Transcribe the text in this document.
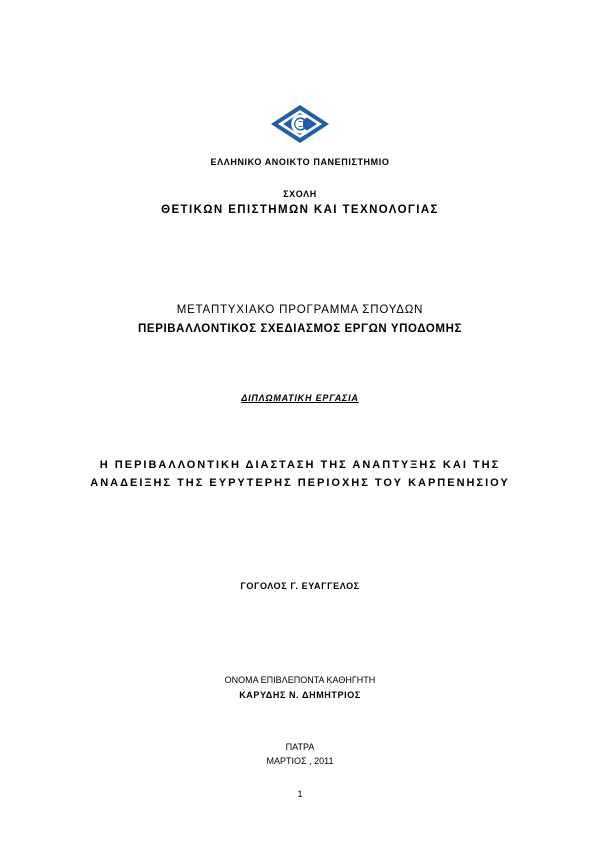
ΕΛΛΗΝΙΚΟ ΑΝΟΙΚΤΟ ΠΑΝΕΠΙΣΤΗΜΙΟ
ΣΧΟΛΗ
ΘΕΤΙΚΩΝ ΕΠΙΣΤΗΜΩΝ ΚΑΙ ΤΕΧΝΟΛΟΓΙΑΣ
ΜΕΤΑΠΤΥΧΙΑΚΟ ΠΡΟΓΡΑΜΜΑ ΣΠΟΥΔΩΝ
ΠΕΡΙΒΑΛΛΟΝΤΙΚΟΣ ΣΧΕΔΙΑΣΜΟΣ ΕΡΓΩΝ ΥΠΟΔΟΜΗΣ
ΔΙΠΛΩΜΑΤΙΚΗ ΕΡΓΑΣΙΑ
Η ΠΕΡΙΒΑΛΛΟΝΤΙΚΗ ΔΙΑΣΤΑΣΗ ΤΗΣ ΑΝΑΠΤΥΞΗΣ ΚΑΙ ΤΗΣ
ΑΝΑΔΕΙΞΗΣ ΤΗΣ ΕΥΡΥΤΕΡΗΣ ΠΕΡΙΟΧΗΣ ΤΟΥ ΚΑΡΠΕΝΗΣΙΟΥ
ΓΟΓΟΛΟΣ Γ. ΕΥΑΓΓΕΛΟΣ
ΟΝΟΜΑ ΕΠΙΒΛΕΠΟΝΤΑ ΚΑΘΗΓΗΤΗ
ΚΑΡΥΔΗΣ Ν. ΔΗΜΗΤΡΙΟΣ
ΠΑΤΡΑ
ΜΑΡΤΙΟΣ , 2011
1
